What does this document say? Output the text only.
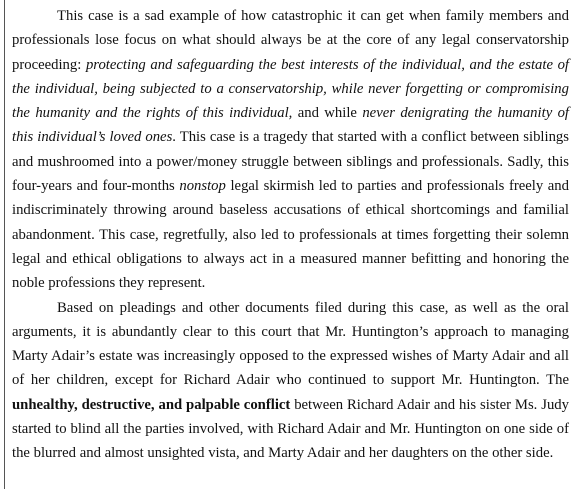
This case is a sad example of how catastrophic it can get when family members and professionals lose focus on what should always be at the core of any legal conservatorship proceeding: protecting and safeguarding the best interests of the individual, and the estate of the individual, being subjected to a conservatorship, while never forgetting or compromising the humanity and the rights of this individual, and while never denigrating the humanity of this individual’s loved ones. This case is a tragedy that started with a conflict between siblings and mushroomed into a power/money struggle between siblings and professionals. Sadly, this four-years and four-months nonstop legal skirmish led to parties and professionals freely and indiscriminately throwing around baseless accusations of ethical shortcomings and familial abandonment. This case, regretfully, also led to professionals at times forgetting their solemn legal and ethical obligations to always act in a measured manner befitting and honoring the noble professions they represent.

Based on pleadings and other documents filed during this case, as well as the oral arguments, it is abundantly clear to this court that Mr. Huntington’s approach to managing Marty Adair’s estate was increasingly opposed to the expressed wishes of Marty Adair and all of her children, except for Richard Adair who continued to support Mr. Huntington. The unhealthy, destructive, and palpable conflict between Richard Adair and his sister Ms. Judy started to blind all the parties involved, with Richard Adair and Mr. Huntington on one side of the blurred and almost unsighted vista, and Marty Adair and her daughters on the other side.
